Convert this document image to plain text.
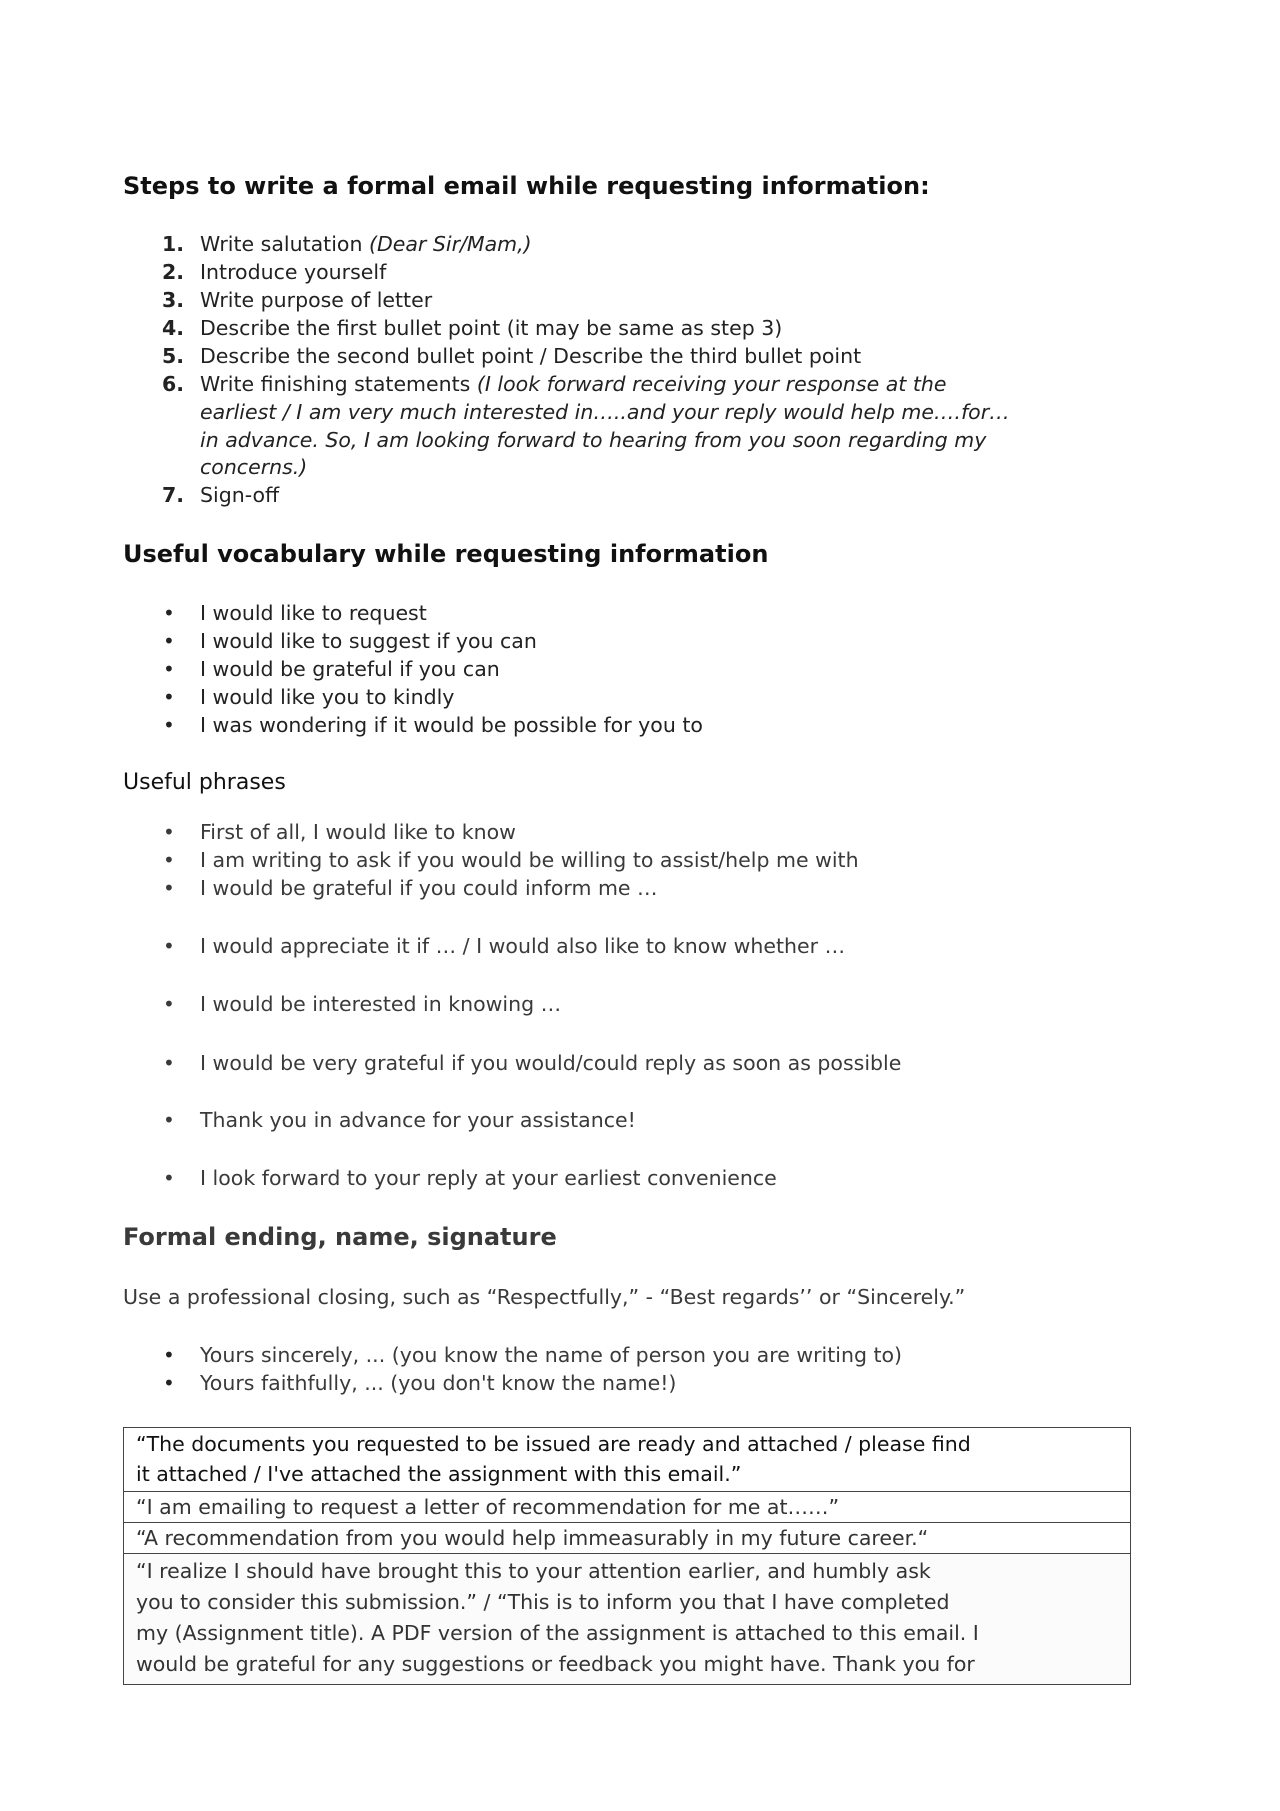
Steps to write a formal email while requesting information:
1. Write salutation (Dear Sir/Mam,)
2. Introduce yourself
3. Write purpose of letter
4. Describe the first bullet point (it may be same as step 3)
5. Describe the second bullet point / Describe the third bullet point
6. Write finishing statements (I look forward receiving your response at the
earliest / I am very much interested in…..and your reply would help me….for…
in advance. So, I am looking forward to hearing from you soon regarding my
concerns.)
7. Sign-off
Useful vocabulary while requesting information
• I would like to request
• I would like to suggest if you can
• I would be grateful if you can
• I would like you to kindly
• I was wondering if it would be possible for you to
Useful phrases
• First of all, I would like to know
• I am writing to ask if you would be willing to assist/help me with
• I would be grateful if you could inform me …
• I would appreciate it if … / I would also like to know whether …
• I would be interested in knowing …
• I would be very grateful if you would/could reply as soon as possible
• Thank you in advance for your assistance!
• I look forward to your reply at your earliest convenience
Formal ending, name, signature
Use a professional closing, such as “Respectfully,” - “Best regards’’ or “Sincerely.”
• Yours sincerely, ... (you know the name of person you are writing to)
• Yours faithfully, ... (you don't know the name!)
“The documents you requested to be issued are ready and attached / please find
it attached / I've attached the assignment with this email.”

“I am emailing to request a letter of recommendation for me at……”

“A recommendation from you would help immeasurably in my future career.“

“I realize I should have brought this to your attention earlier, and humbly ask
you to consider this submission.” / “This is to inform you that I have completed
my (Assignment title). A PDF version of the assignment is attached to this email. I
would be grateful for any suggestions or feedback you might have. Thank you for
